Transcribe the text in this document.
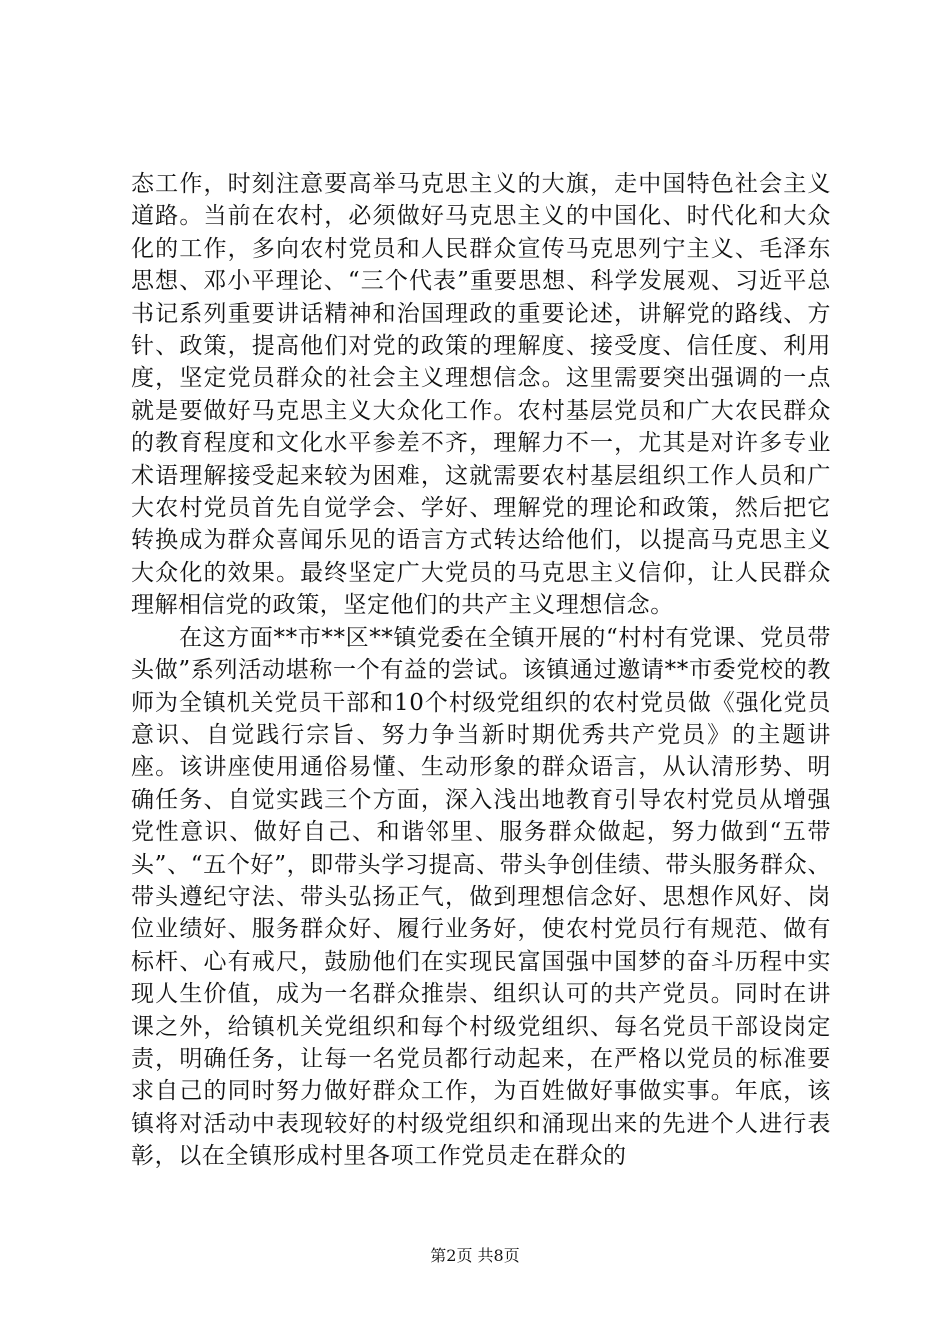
态工作，时刻注意要高举马克思主义的大旗，走中国特色社会主义道路。当前在农村，必须做好马克思主义的中国化、时代化和大众化的工作，多向农村党员和人民群众宣传马克思列宁主义、毛泽东思想、邓小平理论、“三个代表”重要思想、科学发展观、习近平总书记系列重要讲话精神和治国理政的重要论述，讲解党的路线、方针、政策，提高他们对党的政策的理解度、接受度、信任度、利用度，坚定党员群众的社会主义理想信念。这里需要突出强调的一点就是要做好马克思主义大众化工作。农村基层党员和广大农民群众的教育程度和文化水平参差不齐，理解力不一，尤其是对许多专业术语理解接受起来较为困难，这就需要农村基层组织工作人员和广大农村党员首先自觉学会、学好、理解党的理论和政策，然后把它转换成为群众喜闻乐见的语言方式转达给他们，以提高马克思主义大众化的效果。最终坚定广大党员的马克思主义信仰，让人民群众理解相信党的政策，坚定他们的共产主义理想信念。

在这方面**市**区**镇党委在全镇开展的“村村有党课、党员带头做”系列活动堪称一个有益的尝试。该镇通过邀请**市委党校的教师为全镇机关党员干部和10个村级党组织的农村党员做《强化党员意识、自觉践行宗旨、努力争当新时期优秀共产党员》的主题讲座。该讲座使用通俗易懂、生动形象的群众语言，从认清形势、明确任务、自觉实践三个方面，深入浅出地教育引导农村党员从增强党性意识、做好自己、和谐邻里、服务群众做起，努力做到“五带头”、“五个好”，即带头学习提高、带头争创佳绩、带头服务群众、带头遵纪守法、带头弘扬正气，做到理想信念好、思想作风好、岗位业绩好、服务群众好、履行业务好，使农村党员行有规范、做有标杆、心有戒尺，鼓励他们在实现民富国强中国梦的奋斗历程中实现人生价值，成为一名群众推崇、组织认可的共产党员。同时在讲课之外，给镇机关党组织和每个村级党组织、每名党员干部设岗定责，明确任务，让每一名党员都行动起来，在严格以党员的标准要求自己的同时努力做好群众工作，为百姓做好事做实事。年底，该镇将对活动中表现较好的村级党组织和涌现出来的先进个人进行表彰，以在全镇形成村里各项工作党员走在群众的

第2页 共8页
